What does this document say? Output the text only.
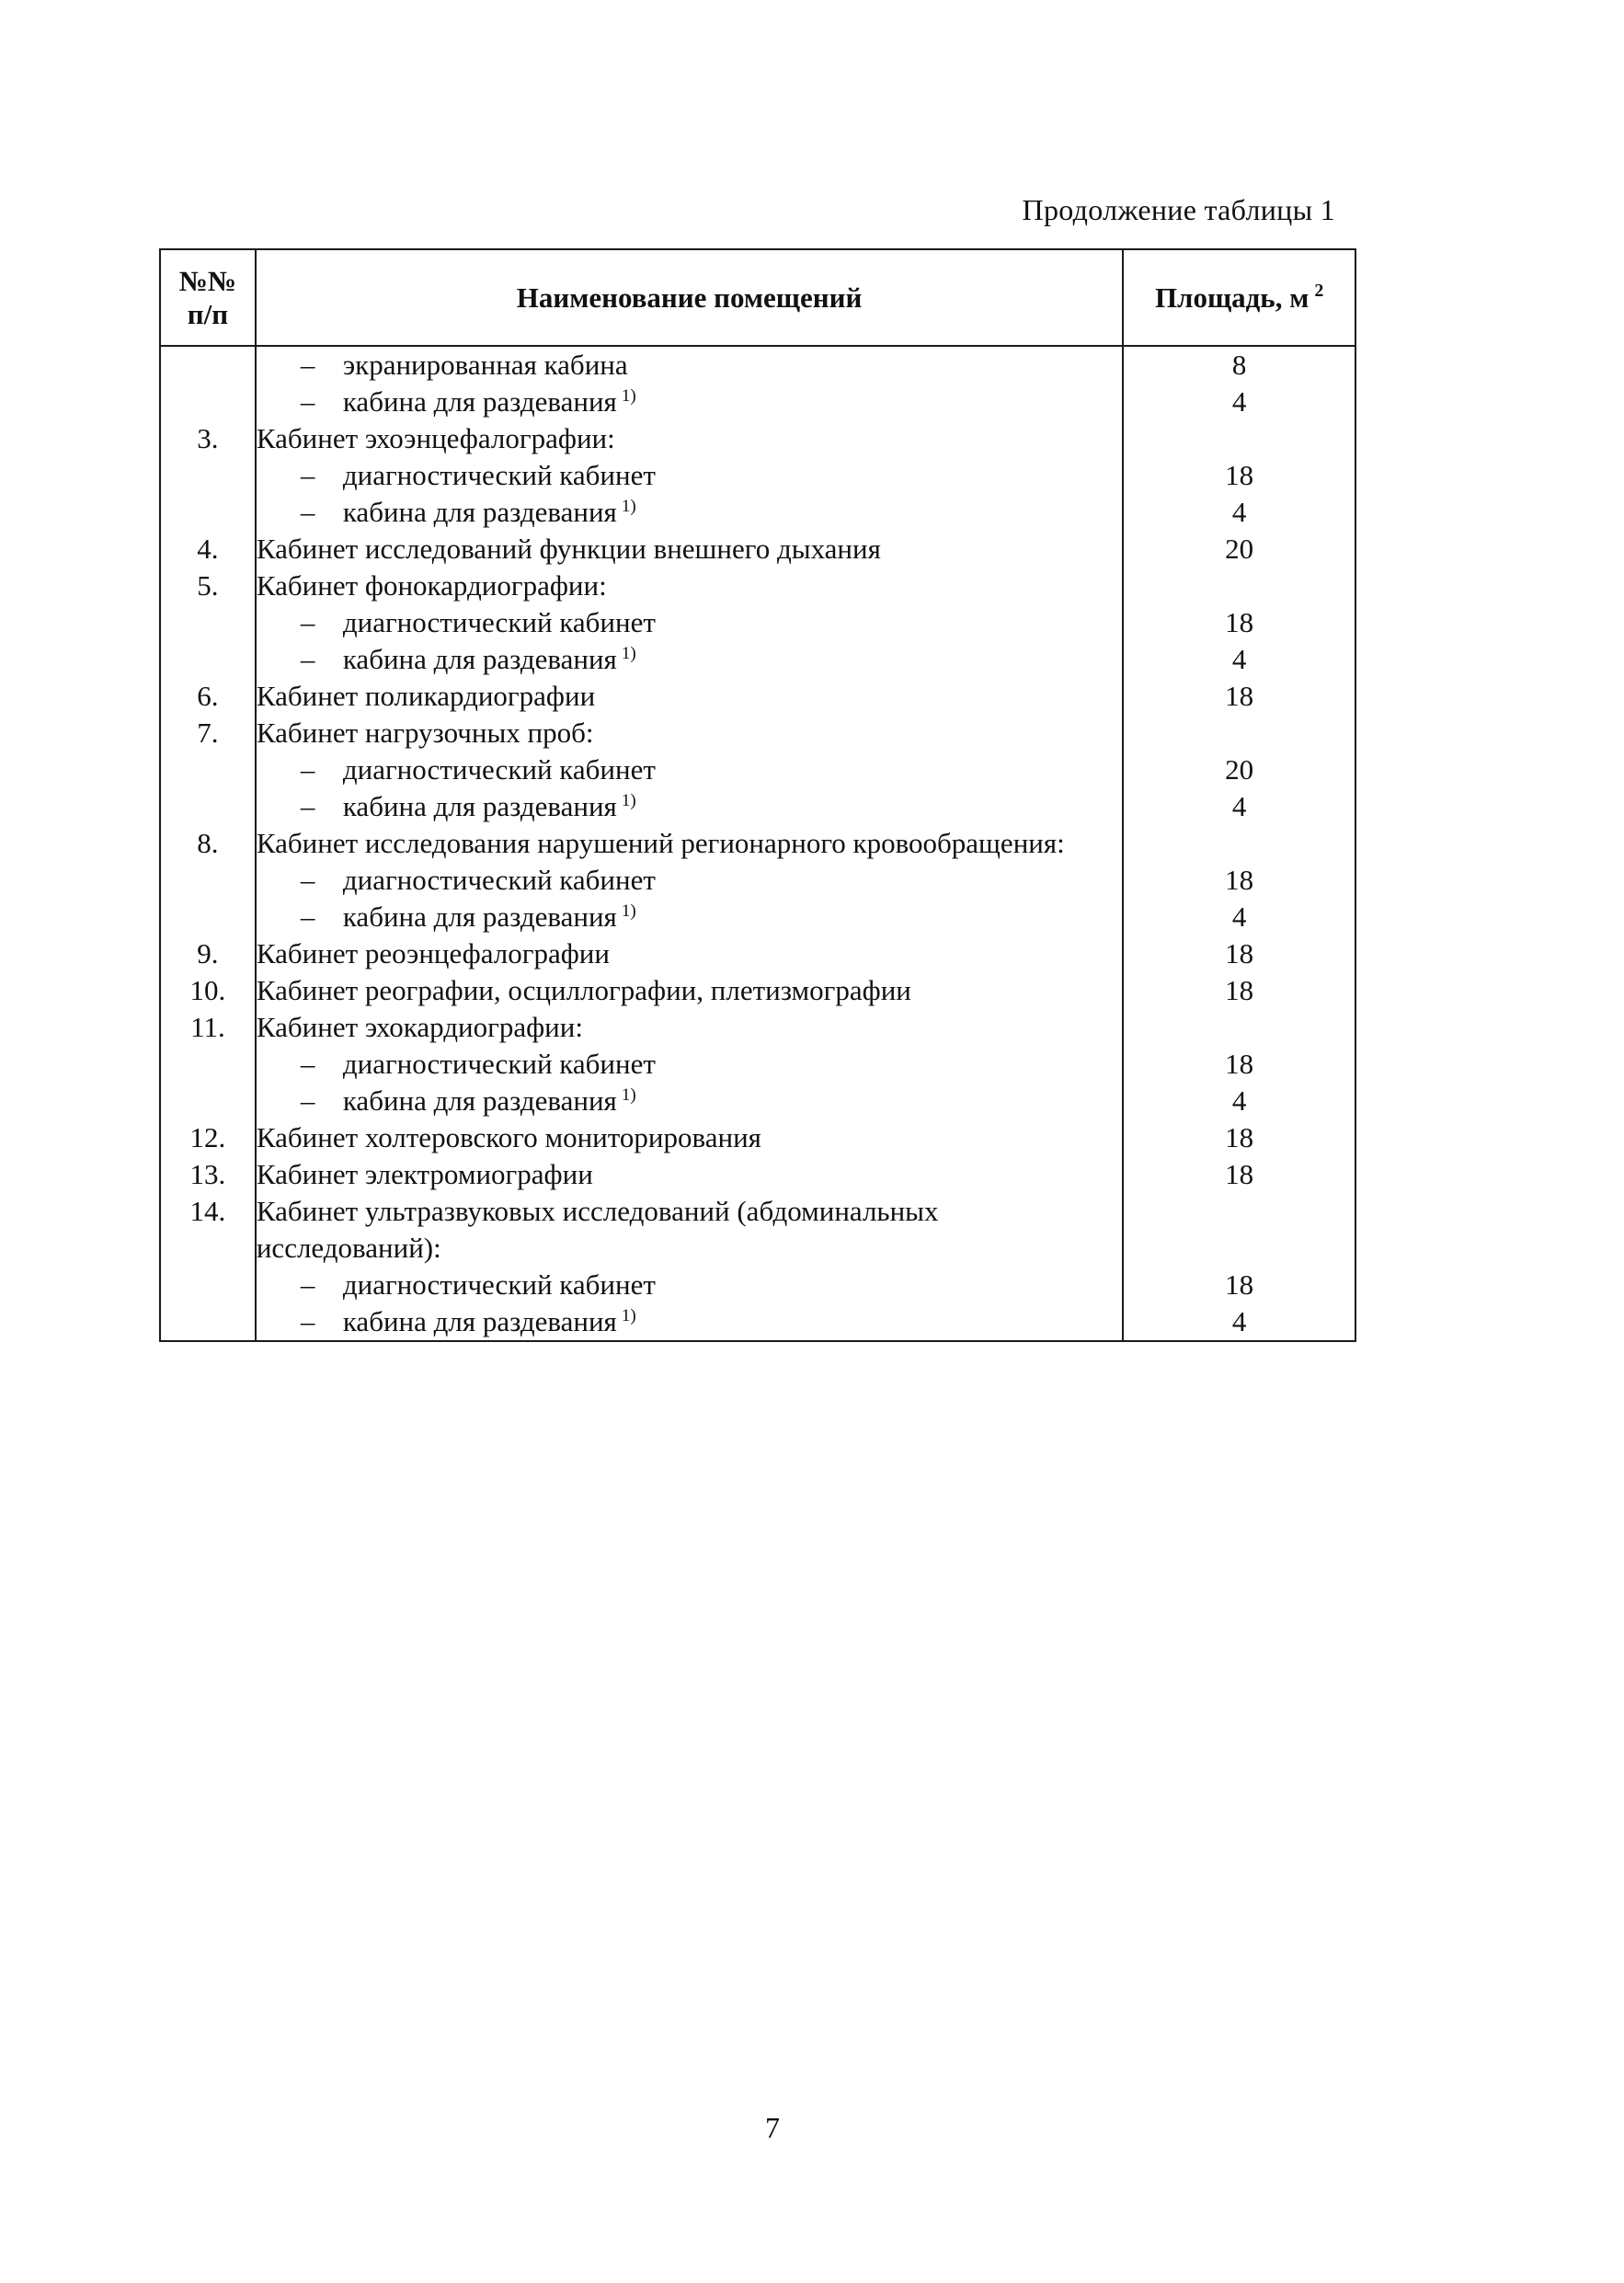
Продолжение таблицы 1
№№
п/п	Наименование помещений	Площадь, м $^2$
	– экранированная кабина	8
	– кабина для раздевания $^{1)}$	4
3.	Кабинет эхоэнцефалографии:	
	– диагностический кабинет	18
	– кабина для раздевания $^{1)}$	4
4.	Кабинет исследований функции внешнего дыхания	20
5.	Кабинет фонокардиографии:	
	– диагностический кабинет	18
	– кабина для раздевания $^{1)}$	4
6.	Кабинет поликардиографии	18
7.	Кабинет нагрузочных проб:	
	– диагностический кабинет	20
	– кабина для раздевания $^{1)}$	4
8.	Кабинет исследования нарушений регионарного кровообращения:	
	– диагностический кабинет	18
	– кабина для раздевания $^{1)}$	4
9.	Кабинет реоэнцефалографии	18
10.	Кабинет реографии, осциллографии, плетизмографии	18
11.	Кабинет эхокардиографии:	
	– диагностический кабинет	18
	– кабина для раздевания $^{1)}$	4
12.	Кабинет холтеровского мониторирования	18
13.	Кабинет электромиографии	18
14.	Кабинет ультразвуковых исследований (абдоминальных исследований):	
	– диагностический кабинет	18
	– кабина для раздевания $^{1)}$	4
7
